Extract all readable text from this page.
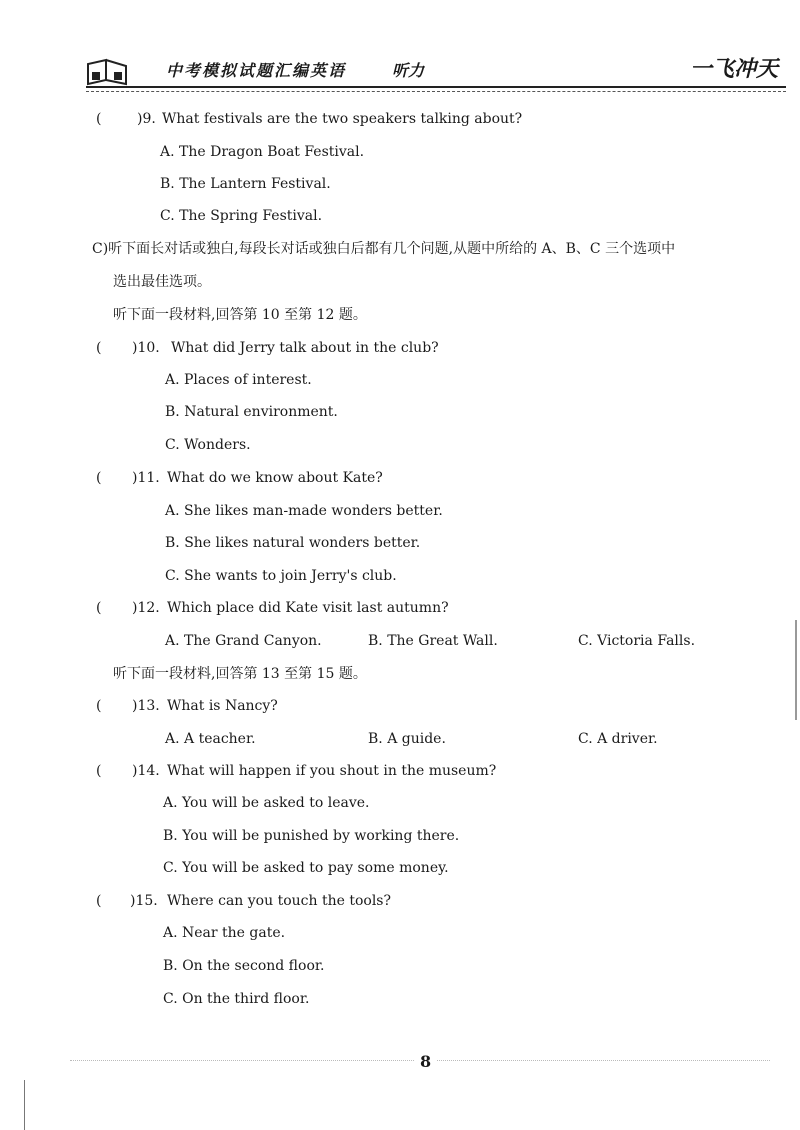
中考模拟试题汇编英语	听力	一飞冲天
(	)9. What festivals are the two speakers talking about?
A. The Dragon Boat Festival.
B. The Lantern Festival.
C. The Spring Festival.
C)听下面长对话或独白,每段长对话或独白后都有几个问题,从题中所给的 A、B、C 三个选项中
选出最佳选项。
听下面一段材料,回答第 10 至第 12 题。
( )10. What did Jerry talk about in the club?
A. Places of interest.
B. Natural environment.
C. Wonders.
( )11. What do we know about Kate?
A. She likes man-made wonders better.
B. She likes natural wonders better.
C. She wants to join Jerry's club.
( )12. Which place did Kate visit last autumn?
A. The Grand Canyon.	B. The Great Wall.	C. Victoria Falls.
听下面一段材料,回答第 13 至第 15 题。
( )13. What is Nancy?
A. A teacher.	B. A guide.	C. A driver.
( )14. What will happen if you shout in the museum?
A. You will be asked to leave.
B. You will be punished by working there.
C. You will be asked to pay some money.
( )15. Where can you touch the tools?
A. Near the gate.
B. On the second floor.
C. On the third floor.
8
